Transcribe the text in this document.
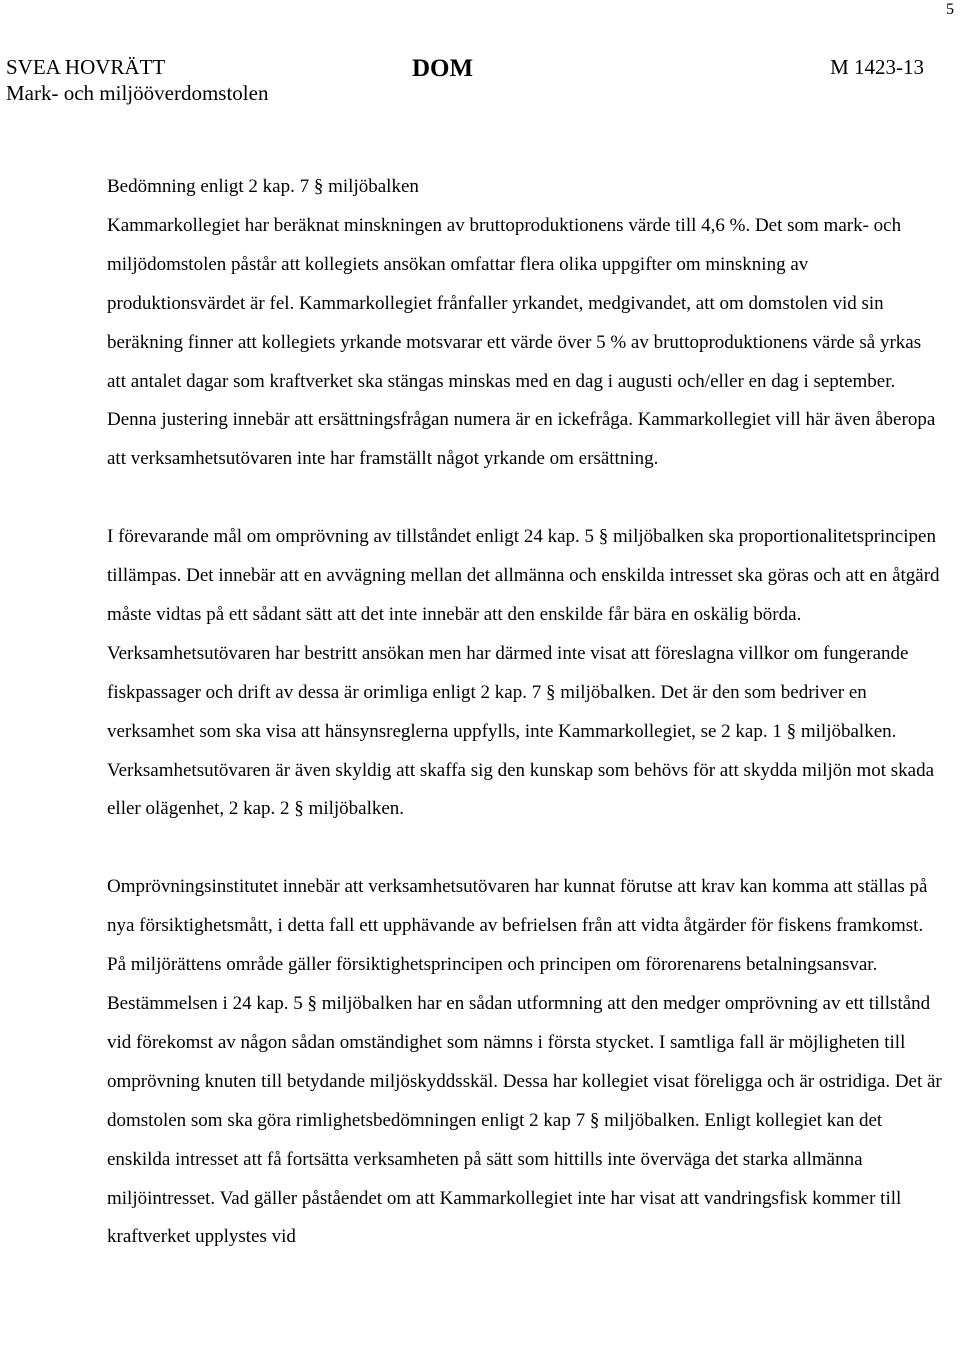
5
SVEA HOVRÄTT
Mark- och miljööverdomstolen
DOM	M 1423-13

Bedömning enligt 2 kap. 7 § miljöbalken

Kammarkollegiet har beräknat minskningen av bruttoproduktionens värde till 4,6 %. Det som mark- och miljödomstolen påstår att kollegiets ansökan omfattar flera olika uppgifter om minskning av produktionsvärdet är fel. Kammarkollegiet frånfaller yrkandet, medgivandet, att om domstolen vid sin beräkning finner att kollegiets yrkande motsvarar ett värde över 5 % av bruttoproduktionens värde så yrkas att antalet dagar som kraftverket ska stängas minskas med en dag i augusti och/eller en dag i september. Denna justering innebär att ersättningsfrågan numera är en ickefråga. Kammarkollegiet vill här även åberopa att verksamhetsutövaren inte har framställt något yrkande om ersättning.

I förevarande mål om omprövning av tillståndet enligt 24 kap. 5 § miljöbalken ska proportionalitetsprincipen tillämpas. Det innebär att en avvägning mellan det allmänna och enskilda intresset ska göras och att en åtgärd måste vidtas på ett sådant sätt att det inte innebär att den enskilde får bära en oskälig börda. Verksamhetsutövaren har bestritt ansökan men har därmed inte visat att föreslagna villkor om fungerande fiskpassager och drift av dessa är orimliga enligt 2 kap. 7 § miljöbalken. Det är den som bedriver en verksamhet som ska visa att hänsynsreglerna uppfylls, inte Kammarkollegiet, se 2 kap. 1 § miljöbalken. Verksamhetsutövaren är även skyldig att skaffa sig den kunskap som behövs för att skydda miljön mot skada eller olägenhet, 2 kap. 2 § miljöbalken.

Omprövningsinstitutet innebär att verksamhetsutövaren har kunnat förutse att krav kan komma att ställas på nya försiktighetsmått, i detta fall ett upphävande av befrielsen från att vidta åtgärder för fiskens framkomst. På miljörättens område gäller försiktighetsprincipen och principen om förorenarens betalningsansvar. Bestämmelsen i 24 kap. 5 § miljöbalken har en sådan utformning att den medger omprövning av ett tillstånd vid förekomst av någon sådan omständighet som nämns i första stycket. I samtliga fall är möjligheten till omprövning knuten till betydande miljöskyddsskäl. Dessa har kollegiet visat föreligga och är ostridiga. Det är domstolen som ska göra rimlighetsbedömningen enligt 2 kap 7 § miljöbalken. Enligt kollegiet kan det enskilda intresset att få fortsätta verksamheten på sätt som hittills inte överväga det starka allmänna miljöintresset. Vad gäller påståendet om att Kammarkollegiet inte har visat att vandringsfisk kommer till kraftverket upplystes vid
